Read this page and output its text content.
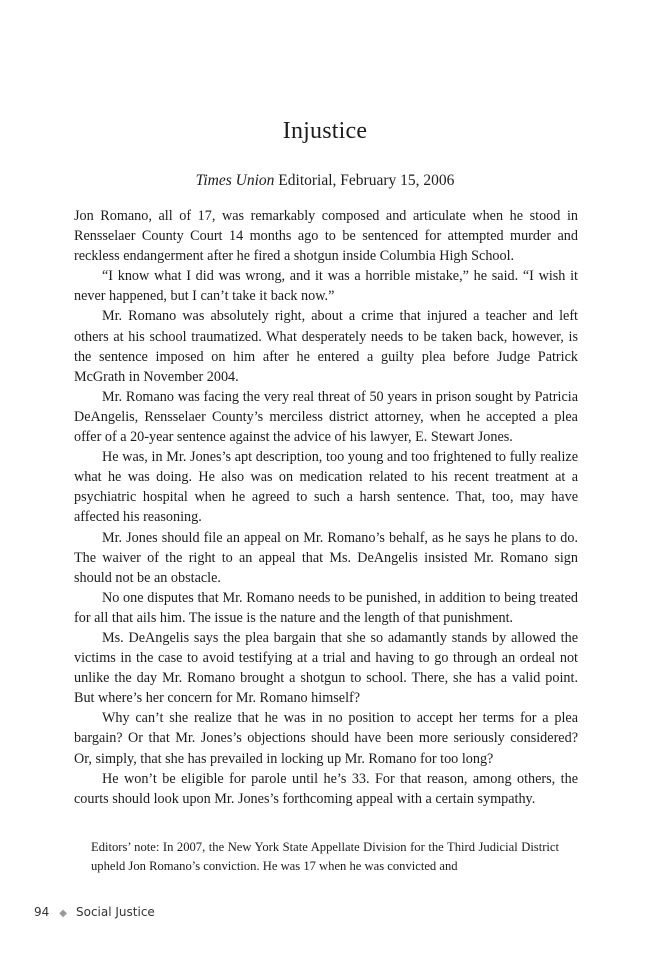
Injustice
Times Union Editorial, February 15, 2006

Jon Romano, all of 17, was remarkably composed and articulate when he stood in Rensselaer County Court 14 months ago to be sentenced for attempted murder and reckless endangerment after he fired a shotgun inside Columbia High School.

“I know what I did was wrong, and it was a horrible mistake,” he said. “I wish it never happened, but I can’t take it back now.”

Mr. Romano was absolutely right, about a crime that injured a teacher and left others at his school traumatized. What desperately needs to be taken back, however, is the sentence imposed on him after he entered a guilty plea before Judge Patrick McGrath in November 2004.

Mr. Romano was facing the very real threat of 50 years in prison sought by Patricia DeAngelis, Rensselaer County’s merciless district attorney, when he accepted a plea offer of a 20-year sentence against the advice of his lawyer, E. Stewart Jones.

He was, in Mr. Jones’s apt description, too young and too frightened to fully realize what he was doing. He also was on medication related to his recent treatment at a psychiatric hospital when he agreed to such a harsh sentence. That, too, may have affected his reasoning.

Mr. Jones should file an appeal on Mr. Romano’s behalf, as he says he plans to do. The waiver of the right to an appeal that Ms. DeAngelis insisted Mr. Romano sign should not be an obstacle.

No one disputes that Mr. Romano needs to be punished, in addition to being treated for all that ails him. The issue is the nature and the length of that punishment.

Ms. DeAngelis says the plea bargain that she so adamantly stands by allowed the victims in the case to avoid testifying at a trial and having to go through an ordeal not unlike the day Mr. Romano brought a shotgun to school. There, she has a valid point. But where’s her concern for Mr. Romano himself?

Why can’t she realize that he was in no position to accept her terms for a plea bargain? Or that Mr. Jones’s objections should have been more seriously considered? Or, simply, that she has prevailed in locking up Mr. Romano for too long?

He won’t be eligible for parole until he’s 33. For that reason, among others, the courts should look upon Mr. Jones’s forthcoming appeal with a certain sympathy.

Editors’ note: In 2007, the New York State Appellate Division for the Third Judicial District upheld Jon Romano’s conviction. He was 17 when he was convicted and
94 ◆ Social Justice
